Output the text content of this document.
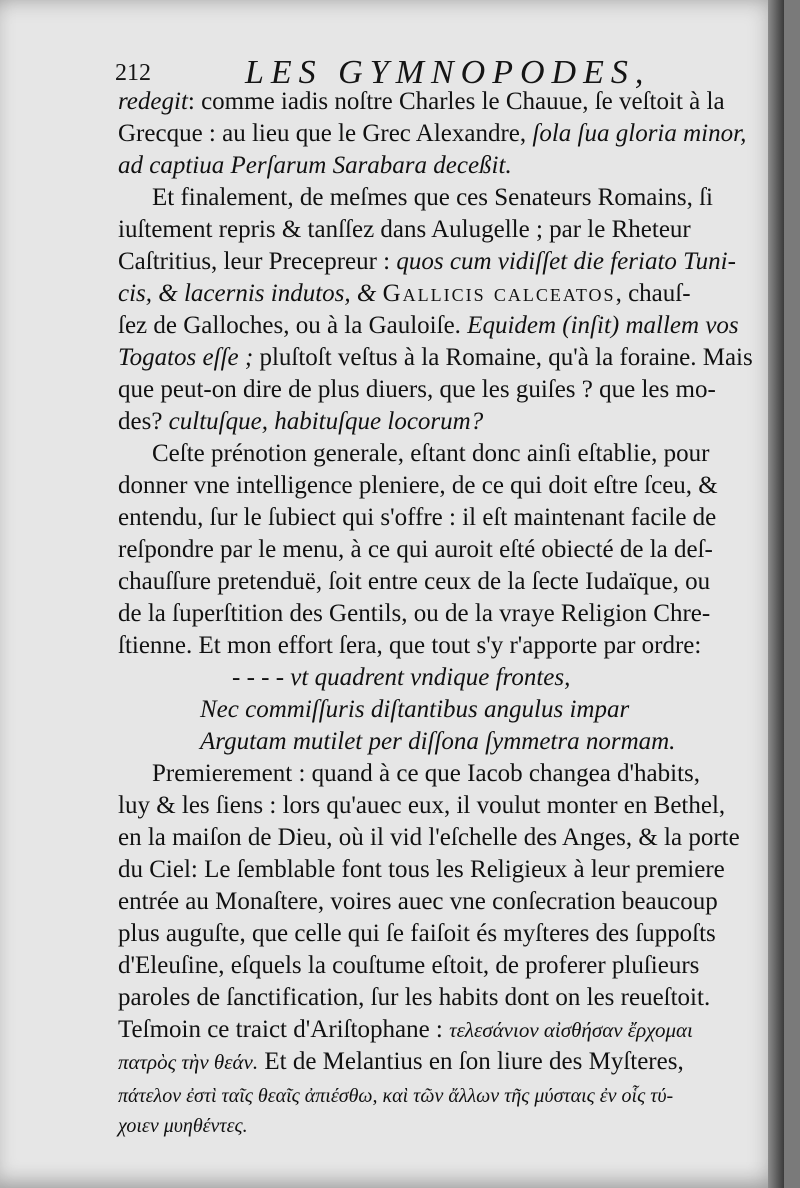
212	LES GYMNOPODES,
redegit: comme iadis noſtre Charles le Chauue, ſe veſtoit à la
Grecque : au lieu que le Grec Alexandre, ſola ſua gloria minor,
ad captiua Perſarum Sarabara deceßit.
Et finalement, de meſmes que ces Senateurs Romains, ſi
iuſtement repris & tanſſez dans Aulugelle ; par le Rheteur
Caſtritius, leur Precepreur : quos cum vidiſſet die feriato Tuni-
cis, & lacernis indutos, & Gallicis calceatos, chauſ-
ſez de Galloches, ou à la Gauloiſe. Equidem (inſit) mallem vos
Togatos eſſe ; pluſtoſt veſtus à la Romaine, qu'à la foraine. Mais
que peut-on dire de plus diuers, que les guiſes ? que les mo-
des? cultuſque, habituſque locorum?
Ceſte prénotion generale, eſtant donc ainſi eſtablie, pour
donner vne intelligence pleniere, de ce qui doit eſtre ſceu, &
entendu, ſur le ſubiect qui s'offre : il eſt maintenant facile de
reſpondre par le menu, à ce qui auroit eſté obiecté de la deſ-
chauſſure pretenduë, ſoit entre ceux de la ſecte Iudaïque, ou
de la ſuperſtition des Gentils, ou de la vraye Religion Chre-
ſtienne. Et mon effort ſera, que tout s'y r'apporte par ordre:
- - - - vt quadrent vndique frontes,
Nec commiſſuris diſtantibus angulus impar
Argutam mutilet per diſſona ſymmetra normam.
Premierement : quand à ce que Iacob changea d'habits,
luy & les ſiens : lors qu'auec eux, il voulut monter en Bethel,
en la maiſon de Dieu, où il vid l'eſchelle des Anges, & la porte
du Ciel: Le ſemblable font tous les Religieux à leur premiere
entrée au Monaſtere, voires auec vne conſecration beaucoup
plus auguſte, que celle qui ſe faiſoit és myſteres des ſuppoſts
d'Eleuſine, eſquels la couſtume eſtoit, de proferer pluſieurs
paroles de ſanctification, ſur les habits dont on les reueſtoit.
Teſmoin ce traict d'Ariſtophane : τελεσάνιον αἰσθήσαν ἔρχομαι
πατρὸς τὴν θεάν. Et de Melantius en ſon liure des Myſteres,
πάτελον ἐστὶ ταῖς θεαῖς ἀπιέσθω, καὶ τῶν ἄλλων τῆς μύσταις ἐν οἷς τύ-
χοιεν μυηθέντες.
